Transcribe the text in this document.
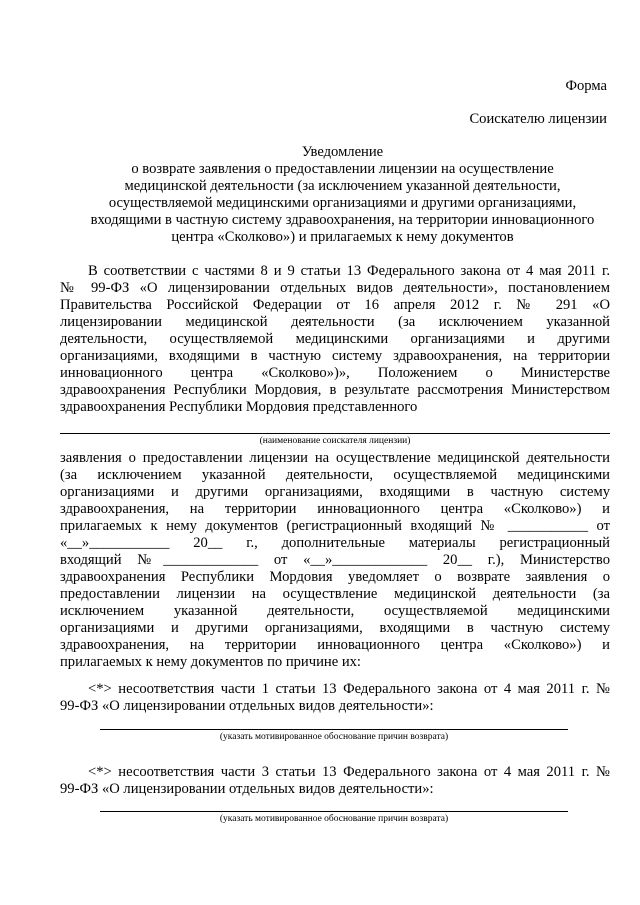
Форма
Соискателю лицензии
Уведомление
о возврате заявления о предоставлении лицензии на осуществление
медицинской деятельности (за исключением указанной деятельности,
осуществляемой медицинскими организациями и другими организациями,
входящими в частную систему здравоохранения, на территории инновационного
центра «Сколково») и прилагаемых к нему документов
В соответствии с частями 8 и 9 статьи 13 Федерального закона от 4 мая 2011 г.
№ 99-ФЗ «О лицензировании отдельных видов деятельности», постановлением
Правительства Российской Федерации от 16 апреля 2012 г. № 291 «О
лицензировании медицинской деятельности (за исключением указанной
деятельности, осуществляемой медицинскими организациями и другими
организациями, входящими в частную систему здравоохранения, на территории
инновационного центра «Сколково»)», Положением о Министерстве
здравоохранения Республики Мордовия, в результате рассмотрения Министерством
здравоохранения Республики Мордовия представленного
(наименование соискателя лицензии)
заявления о предоставлении лицензии на осуществление медицинской деятельности
(за исключением указанной деятельности, осуществляемой медицинскими
организациями и другими организациями, входящими в частную систему
здравоохранения, на территории инновационного центра «Сколково») и
прилагаемых к нему документов (регистрационный входящий № ___________ от
«__»___________ 20__ г., дополнительные материалы регистрационный
входящий №_____________ от «__»_____________ 20__ г.), Министерство
здравоохранения Республики Мордовия уведомляет о возврате заявления о
предоставлении лицензии на осуществление медицинской деятельности (за
исключением указанной деятельности, осуществляемой медицинскими
организациями и другими организациями, входящими в частную систему
здравоохранения, на территории инновационного центра «Сколково») и
прилагаемых к нему документов по причине их:
<*> несоответствия части 1 статьи 13 Федерального закона от 4 мая 2011 г. №
99-ФЗ «О лицензировании отдельных видов деятельности»:
(указать мотивированное обоснование причин возврата)
<*> несоответствия части 3 статьи 13 Федерального закона от 4 мая 2011 г. №
99-ФЗ «О лицензировании отдельных видов деятельности»:
(указать мотивированное обоснование причин возврата)
